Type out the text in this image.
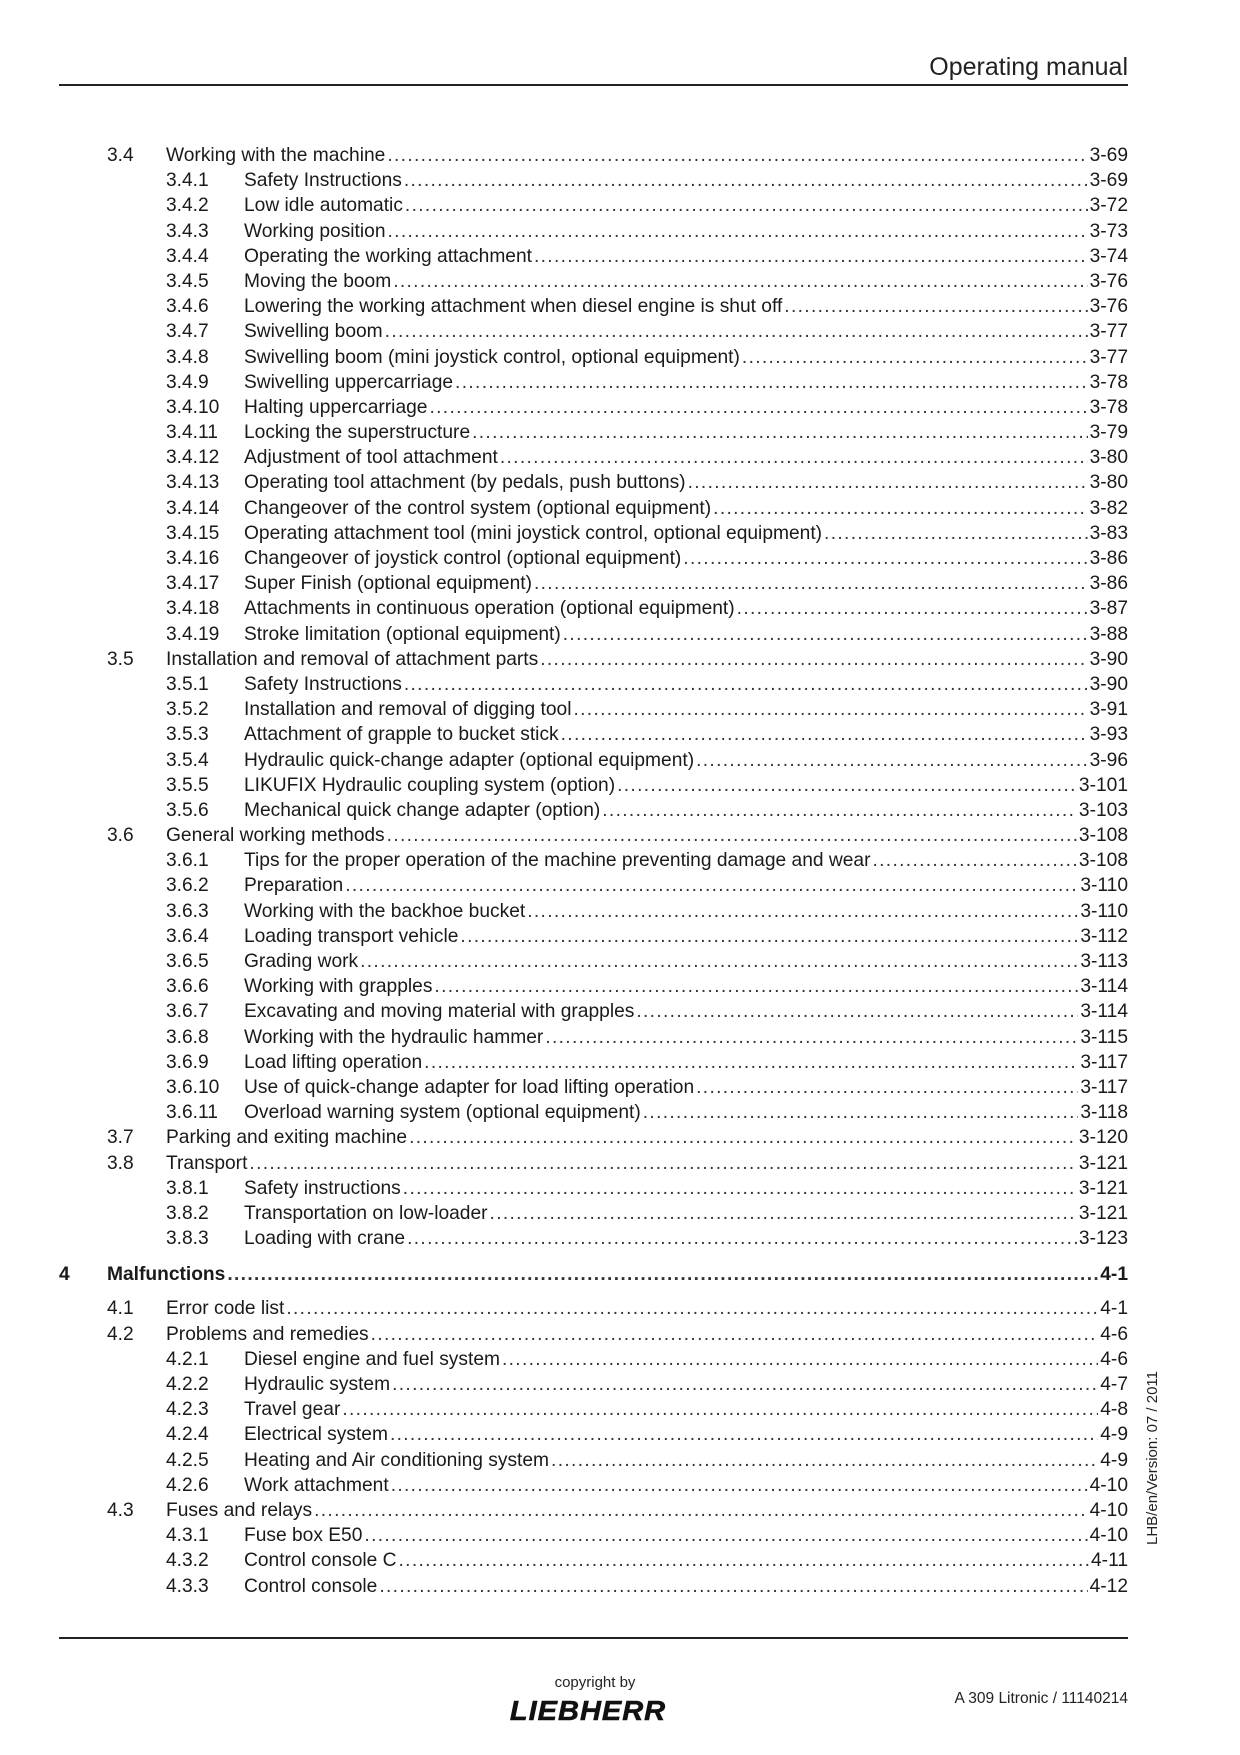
Operating manual
3.4	Working with the machine . . .	3-69
3.4.1	Safety Instructions . . .	3-69
3.4.2	Low idle automatic . . .	3-72
3.4.3	Working position . . .	3-73
3.4.4	Operating the working attachment . . .	3-74
3.4.5	Moving the boom . . .	3-76
3.4.6	Lowering the working attachment when diesel engine is shut off . . .	3-76
3.4.7	Swivelling boom . . .	3-77
3.4.8	Swivelling boom (mini joystick control, optional equipment) . . .	3-77
3.4.9	Swivelling uppercarriage . . .	3-78
3.4.10	Halting uppercarriage . . .	3-78
3.4.11	Locking the superstructure . . .	3-79
3.4.12	Adjustment of tool attachment . . .	3-80
3.4.13	Operating tool attachment (by pedals, push buttons) . . .	3-80
3.4.14	Changeover of the control system (optional equipment) . . .	3-82
3.4.15	Operating attachment tool (mini joystick control, optional equipment) . . .	3-83
3.4.16	Changeover of joystick control (optional equipment) . . .	3-86
3.4.17	Super Finish (optional equipment) . . .	3-86
3.4.18	Attachments in continuous operation (optional equipment) . . .	3-87
3.4.19	Stroke limitation (optional equipment) . . .	3-88
3.5	Installation and removal of attachment parts . . .	3-90
3.5.1	Safety Instructions . . .	3-90
3.5.2	Installation and removal of digging tool . . .	3-91
3.5.3	Attachment of grapple to bucket stick . . .	3-93
3.5.4	Hydraulic quick-change adapter (optional equipment) . . .	3-96
3.5.5	LIKUFIX Hydraulic coupling system (option) . . .	3-101
3.5.6	Mechanical quick change adapter (option) . . .	3-103
3.6	General working methods . . .	3-108
3.6.1	Tips for the proper operation of the machine preventing damage and wear . . .	3-108
3.6.2	Preparation . . .	3-110
3.6.3	Working with the backhoe bucket . . .	3-110
3.6.4	Loading transport vehicle . . .	3-112
3.6.5	Grading work . . .	3-113
3.6.6	Working with grapples . . .	3-114
3.6.7	Excavating and moving material with grapples . . .	3-114
3.6.8	Working with the hydraulic hammer . . .	3-115
3.6.9	Load lifting operation . . .	3-117
3.6.10	Use of quick-change adapter for load lifting operation . . .	3-117
3.6.11	Overload warning system (optional equipment) . . .	3-118
3.7	Parking and exiting machine . . .	3-120
3.8	Transport . . .	3-121
3.8.1	Safety instructions . . .	3-121
3.8.2	Transportation on low-loader . . .	3-121
3.8.3	Loading with crane . . .	3-123
4	Malfunctions . . .	4-1
4.1	Error code list . . .	4-1
4.2	Problems and remedies . . .	4-6
4.2.1	Diesel engine and fuel system . . .	4-6
4.2.2	Hydraulic system . . .	4-7
4.2.3	Travel gear . . .	4-8
4.2.4	Electrical system . . .	4-9
4.2.5	Heating and Air conditioning system . . .	4-9
4.2.6	Work attachment . . .	4-10
4.3	Fuses and relays . . .	4-10
4.3.1	Fuse box E50 . . .	4-10
4.3.2	Control console C . . .	4-11
4.3.3	Control console . . .	4-12
LHB/en/Version: 07 / 2011
copyright by
LIEBHERR	A 309 Litronic / 11140214
